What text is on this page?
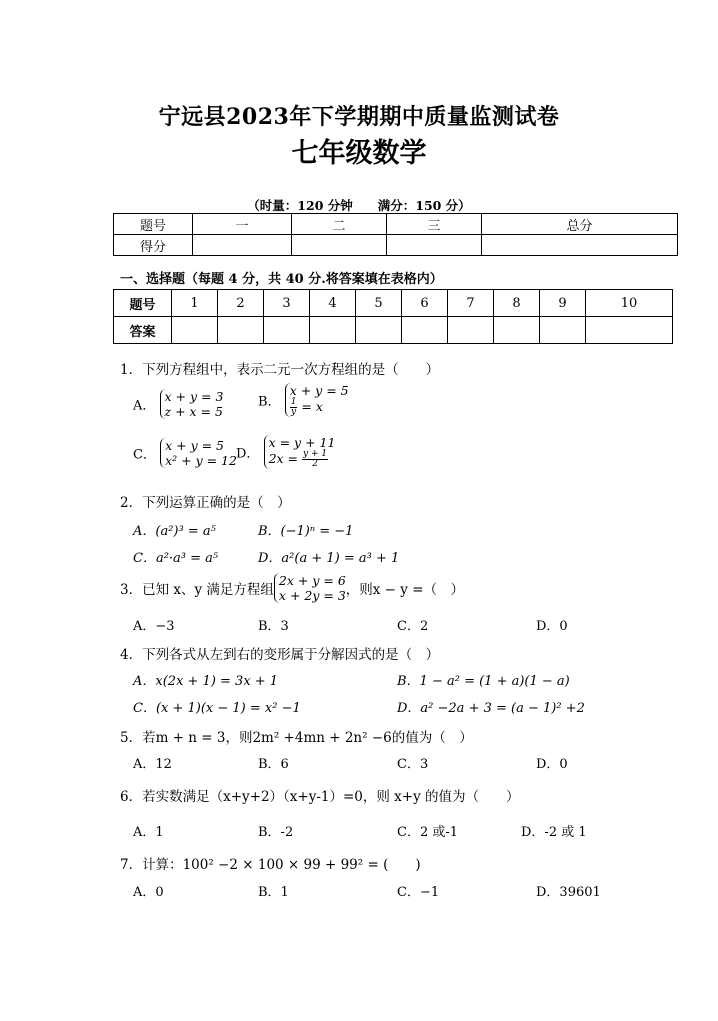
宁远县2023年下学期期中质量监测试卷
七年级数学
（时量：120 分钟　　满分：150 分）
题号	一	二	三	总分
得分				
一、选择题（每题 4 分，共 40 分.将答案填在表格内）
题号	1	2	3	4	5	6	7	8	9	10
答案										
1．下列方程组中，表示二元一次方程组的是（　　）
A．
x + y = 3
z + x = 5
B．
x + y = 5
$\frac{1}{y} = x$
C．
x + y = 5
x² + y = 12 D．
x = y + 11
$2x = \frac{y + 1}{2}$
2．下列运算正确的是（　）
A．(a²)³ = a⁵	B．(−1)ⁿ = −1
C．a²·a³ = a⁵	D．a²(a + 1) = a³ + 1
3．已知 x、y 满足方程组
2x + y = 6
x + 2y = 3 ，则x − y =（　）
A．−3	B．3	C．2	D．0
4．下列各式从左到右的变形属于分解因式的是（　）
A．x(2x + 1) = 3x + 1	B．1 − a² = (1 + a)(1 − a)
C．(x + 1)(x − 1) = x² −1	D．a² −2a + 3 = (a − 1)² +2
5．若m + n = 3，则2m² +4mn + 2n² −6的值为（　）
A．12	B．6	C．3	D．0
6．若实数满足（x+y+2）（x+y-1）=0，则 x+y 的值为（　　）
A．1	B．-2	C．2 或-1	D．-2 或 1
7．计算：100² −2 × 100 × 99 + 99² = (　　)
A．0	B．1	C．−1	D．39601
